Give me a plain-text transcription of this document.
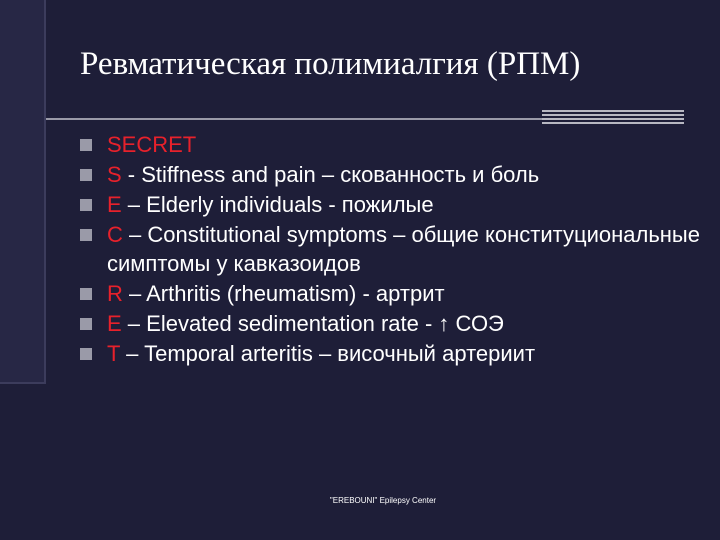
Ревматическая полимиалгия (РПМ)
SECRET
S - Stiffness and pain – скованность и боль
E – Elderly individuals - пожилые
C – Constitutional symptoms – общие конституциональные симптомы у кавказоидов
R – Arthritis (rheumatism) - артрит
E – Elevated sedimentation rate - ↑ СОЭ
T – Temporal arteritis – височный артериит
"EREBOUNI" Epilepsy Center
